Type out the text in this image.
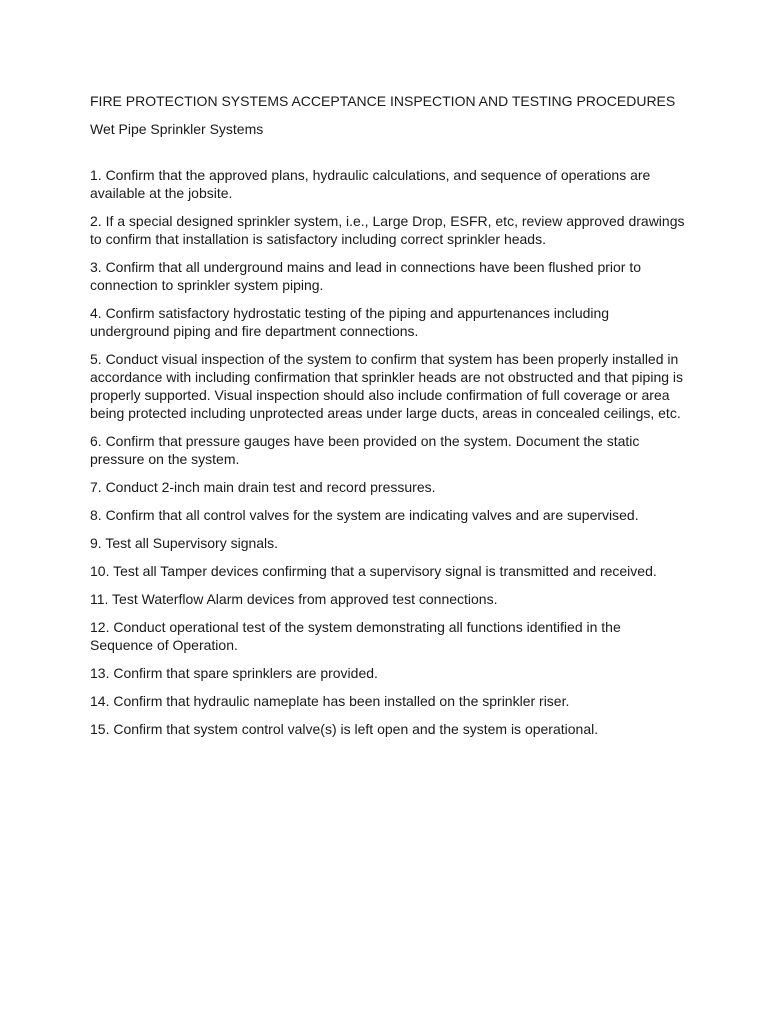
FIRE PROTECTION SYSTEMS ACCEPTANCE INSPECTION AND TESTING PROCEDURES
Wet Pipe Sprinkler Systems
1. Confirm that the approved plans, hydraulic calculations, and sequence of operations are
available at the jobsite.
2. If a special designed sprinkler system, i.e., Large Drop, ESFR, etc, review approved drawings
to confirm that installation is satisfactory including correct sprinkler heads.
3. Confirm that all underground mains and lead in connections have been flushed prior to
connection to sprinkler system piping.
4. Confirm satisfactory hydrostatic testing of the piping and appurtenances including
underground piping and fire department connections.
5. Conduct visual inspection of the system to confirm that system has been properly installed in
accordance with including confirmation that sprinkler heads are not obstructed and that piping is
properly supported. Visual inspection should also include confirmation of full coverage or area
being protected including unprotected areas under large ducts, areas in concealed ceilings, etc.
6. Confirm that pressure gauges have been provided on the system. Document the static
pressure on the system.
7. Conduct 2-inch main drain test and record pressures.
8. Confirm that all control valves for the system are indicating valves and are supervised.
9. Test all Supervisory signals.
10. Test all Tamper devices confirming that a supervisory signal is transmitted and received.
11. Test Waterflow Alarm devices from approved test connections.
12. Conduct operational test of the system demonstrating all functions identified in the
Sequence of Operation.
13. Confirm that spare sprinklers are provided.
14. Confirm that hydraulic nameplate has been installed on the sprinkler riser.
15. Confirm that system control valve(s) is left open and the system is operational.
